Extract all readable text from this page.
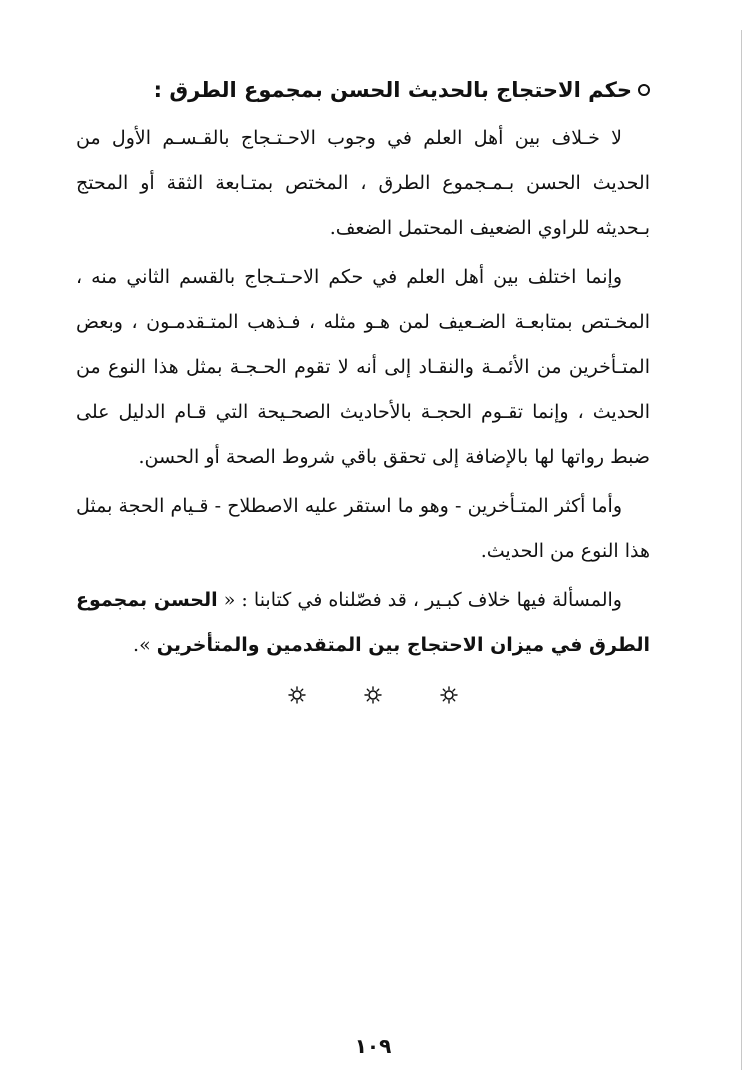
حكم الاحتجاج بالحديث الحسن بمجموع الطرق :

لا خـلاف بين أهل العلم في وجوب الاحـتـجاج بالقـسـم الأول من الحديث الحسن بـمـجموع الطرق ، المختص بمتـابعة الثقة أو المحتج بـحديثه للراوي الضعيف المحتمل الضعف.

وإنما اختلف بين أهل العلم في حكم الاحـتـجاج بالقسم الثاني منه ، المخـتص بمتابعـة الضـعيف لمن هـو مثله ، فـذهب المتـقدمـون ، وبعض المتـأخرين من الأئمـة والنقـاد إلى أنه لا تقوم الحـجـة بمثل هذا النوع من الحديث ، وإنما تقـوم الحجـة بالأحاديث الصحـيحة التي قـام الدليل على ضبط رواتها لها بالإضافة إلى تحقق باقي شروط الصحة أو الحسن.

وأما أكثر المتـأخرين - وهو ما استقر عليه الاصطلاح - قـيام الحجة بمثل هذا النوع من الحديث.

والمسألة فيها خلاف كبـير ، قد فصّلناه في كتابنا : « الحسن بمجموع الطرق في ميزان الاحتجاج بين المتقدمين والمتأخرين ».

١٠٩
